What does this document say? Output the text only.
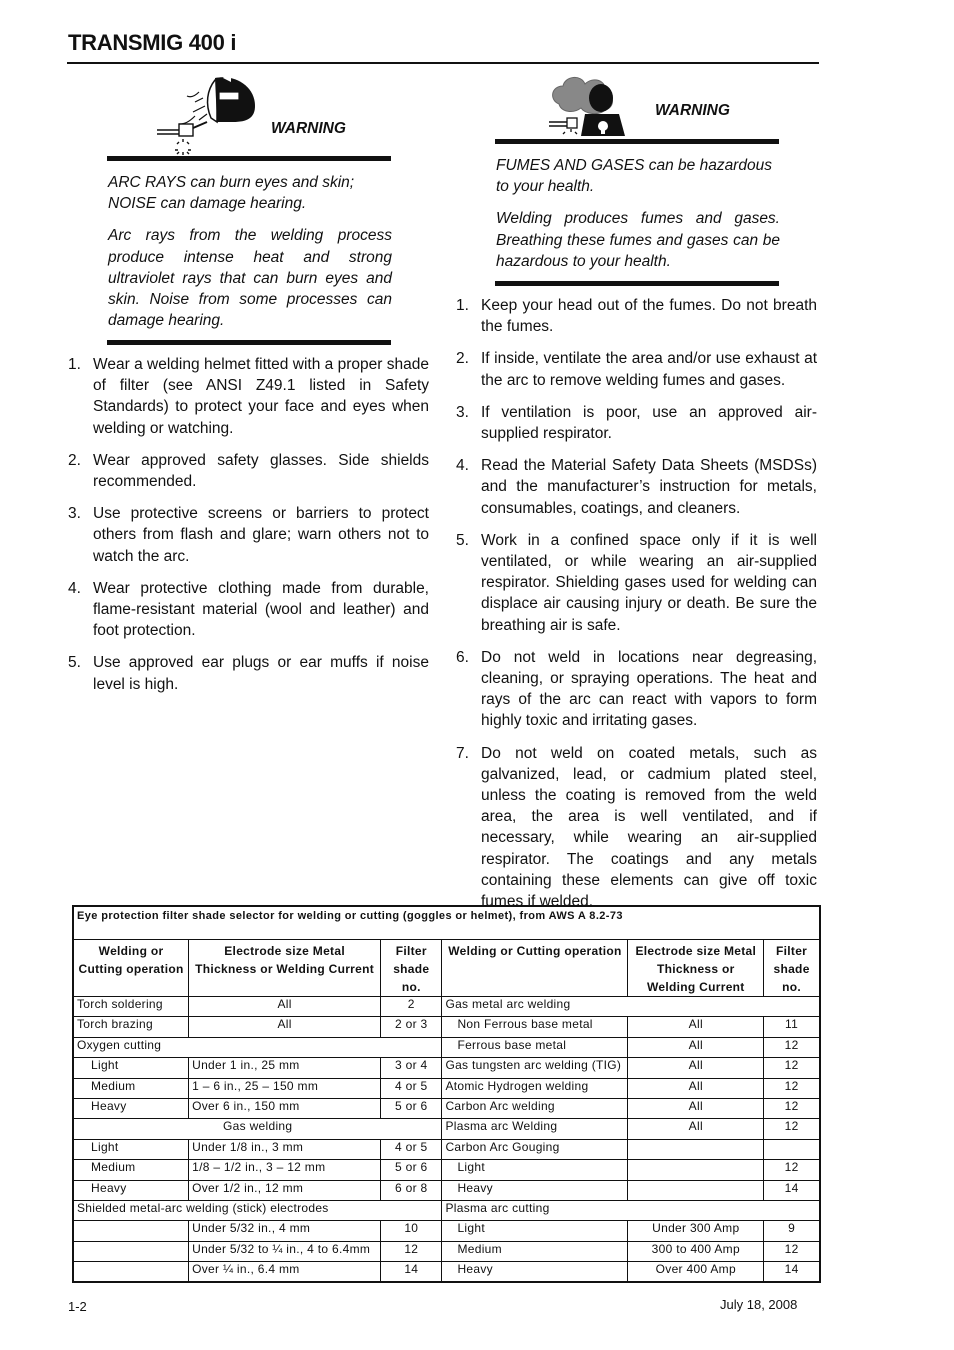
TRANSMIG 400 i
WARNING

ARC RAYS can burn eyes and skin; NOISE can damage hearing.

Arc rays from the welding process produce intense heat and strong ultraviolet rays that can burn eyes and skin. Noise from some processes can damage hearing.

1. Wear a welding helmet fitted with a proper shade of filter (see ANSI Z49.1 listed in Safety Standards) to protect your face and eyes when welding or watching.
2. Wear approved safety glasses. Side shields recommended.
3. Use protective screens or barriers to protect others from flash and glare; warn others not to watch the arc.
4. Wear protective clothing made from durable, flame-resistant material (wool and leather) and foot protection.
5. Use approved ear plugs or ear muffs if noise level is high.
WARNING

FUMES AND GASES can be hazardous to your health.

Welding produces fumes and gases. Breathing these fumes and gases can be hazardous to your health.

1. Keep your head out of the fumes. Do not breath the fumes.
2. If inside, ventilate the area and/or use exhaust at the arc to remove welding fumes and gases.
3. If ventilation is poor, use an approved air-supplied respirator.
4. Read the Material Safety Data Sheets (MSDSs) and the manufacturer’s instruction for metals, consumables, coatings, and cleaners.
5. Work in a confined space only if it is well ventilated, or while wearing an air-supplied respirator. Shielding gases used for welding can displace air causing injury or death. Be sure the breathing air is safe.
6. Do not weld in locations near degreasing, cleaning, or spraying operations. The heat and rays of the arc can react with vapors to form highly toxic and irritating gases.
7. Do not weld on coated metals, such as galvanized, lead, or cadmium plated steel, unless the coating is removed from the weld area, the area is well ventilated, and if necessary, while wearing an air-supplied respirator. The coatings and any metals containing these elements can give off toxic fumes if welded.
Eye protection filter shade selector for welding or cutting (goggles or helmet), from AWS A 8.2-73
Welding or Cutting operation	Electrode size Metal Thickness or Welding Current	Filter shade no.	Welding or Cutting operation	Electrode size Metal Thickness or Welding Current	Filter shade no.
Torch soldering	All	2	Gas metal arc welding		
Torch brazing	All	2 or 3	Non Ferrous base metal	All	11
Oxygen cutting			Ferrous base metal	All	12
Light	Under 1 in., 25 mm	3 or 4	Gas tungsten arc welding (TIG)	All	12
Medium	1 – 6 in., 25 – 150 mm	4 or 5	Atomic Hydrogen welding	All	12
Heavy	Over 6 in., 150 mm	5 or 6	Carbon Arc welding	All	12
Gas welding			Plasma arc Welding	All	12
Light	Under 1/8 in., 3 mm	4 or 5	Carbon Arc Gouging		
Medium	1/8 – 1/2 in., 3 – 12 mm	5 or 6	Light		12
Heavy	Over 1/2 in., 12 mm	6 or 8	Heavy		14
Shielded metal-arc welding (stick) electrodes			Plasma arc cutting		
	Under 5/32 in., 4 mm	10	Light	Under 300 Amp	9
	Under 5/32 to ¼ in., 4 to 6.4mm	12	Medium	300 to 400 Amp	12
	Over ¼ in., 6.4 mm	14	Heavy	Over 400 Amp	14
1-2	July 18, 2008
